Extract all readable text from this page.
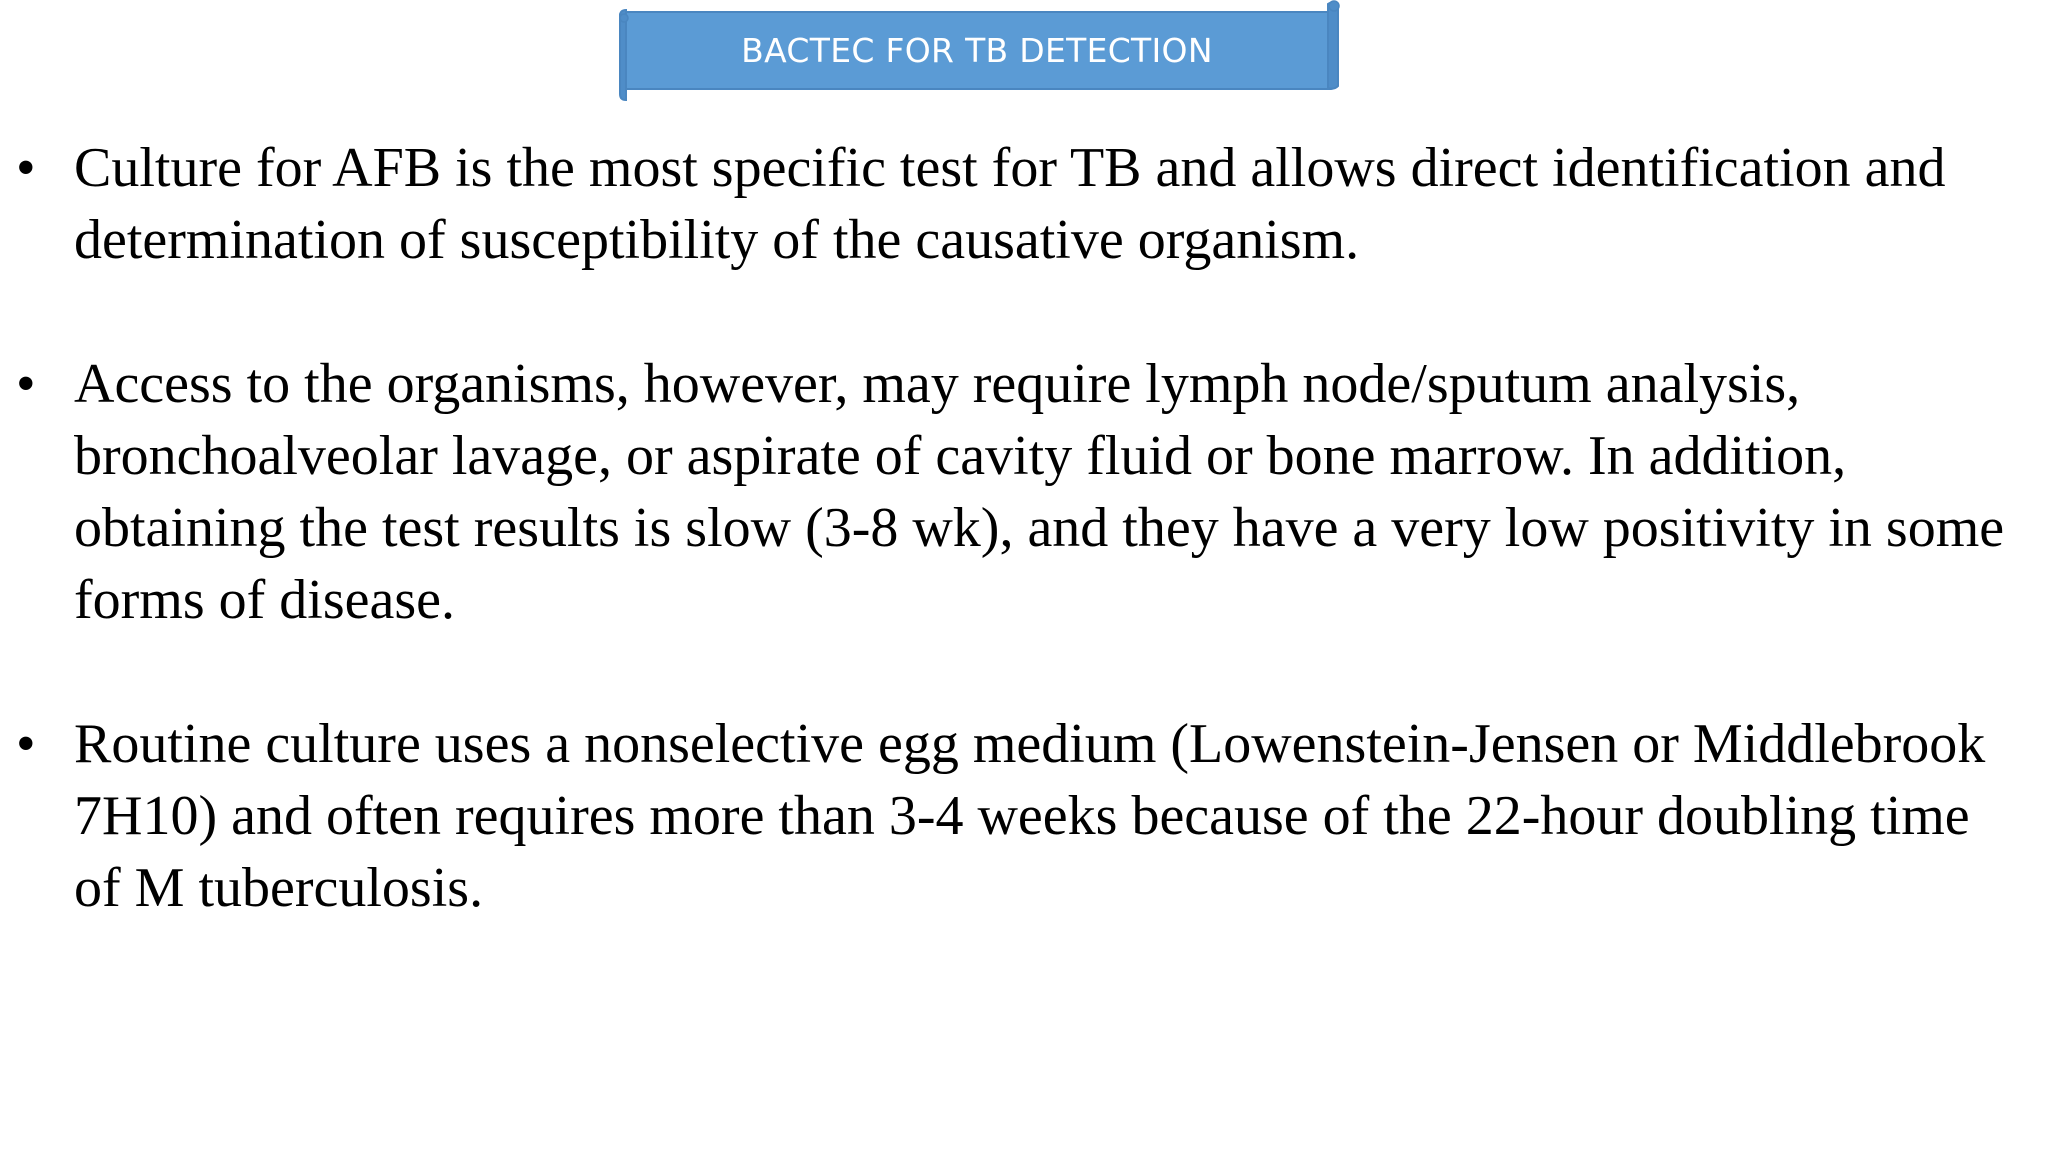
BACTEC FOR TB DETECTION
• Culture for AFB is the most specific test for TB and allows direct identification and determination of susceptibility of the causative organism.
• Access to the organisms, however, may require lymph node/sputum analysis, bronchoalveolar lavage, or aspirate of cavity fluid or bone marrow. In addition, obtaining the test results is slow (3-8 wk), and they have a very low positivity in some forms of disease.
• Routine culture uses a nonselective egg medium (Lowenstein-Jensen or Middlebrook 7H10) and often requires more than 3-4 weeks because of the 22-hour doubling time of M tuberculosis.
